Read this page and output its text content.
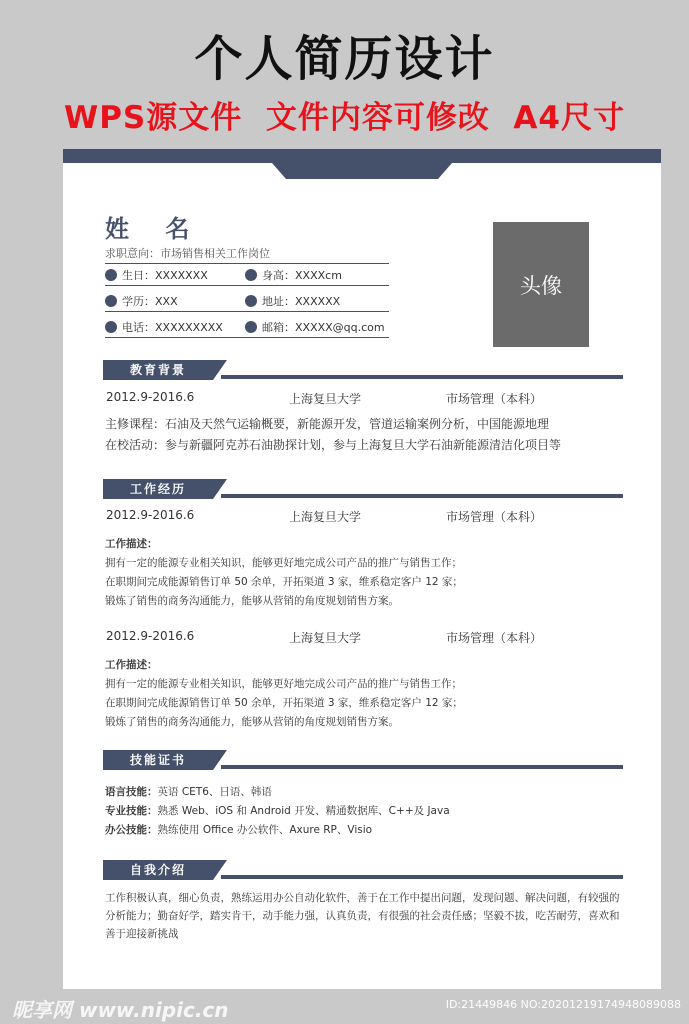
个人简历设计
WPS源文件  文件内容可修改  A4尺寸
姓 名
求职意向：市场销售相关工作岗位
生日：XXXXXXX	身高：XXXXcm
学历：XXX	地址：XXXXXX
电话：XXXXXXXXX	邮箱：XXXXX@qq.com
头像
教育背景
2012.9-2016.6	上海复旦大学	市场管理（本科）
主修课程：石油及天然气运输概要，新能源开发，管道运输案例分析，中国能源地理
在校活动：参与新疆阿克苏石油勘探计划，参与上海复旦大学石油新能源清洁化项目等
工作经历
2012.9-2016.6	上海复旦大学	市场管理（本科）
工作描述：
拥有一定的能源专业相关知识，能够更好地完成公司产品的推广与销售工作；
在职期间完成能源销售订单 50 余单，开拓渠道 3 家，维系稳定客户 12 家；
锻炼了销售的商务沟通能力，能够从营销的角度规划销售方案。
2012.9-2016.6	上海复旦大学	市场管理（本科）
工作描述：
拥有一定的能源专业相关知识，能够更好地完成公司产品的推广与销售工作；
在职期间完成能源销售订单 50 余单，开拓渠道 3 家，维系稳定客户 12 家；
锻炼了销售的商务沟通能力，能够从营销的角度规划销售方案。
技能证书
语言技能：英语 CET6、日语、韩语
专业技能：熟悉 Web、iOS 和 Android 开发、精通数据库、C++及 Java
办公技能：熟练使用 Office 办公软件、Axure RP、Visio
自我介绍
工作积极认真，细心负责，熟练运用办公自动化软件，善于在工作中提出问题，发现问题、解决问题，有较强的分析能力；勤奋好学，踏实肯干，动手能力强，认真负责，有很强的社会责任感；坚毅不拔，吃苦耐劳，喜欢和善于迎接新挑战
昵享网 www.nipic.cn	ID:21449846 NO:20201219174948089088
